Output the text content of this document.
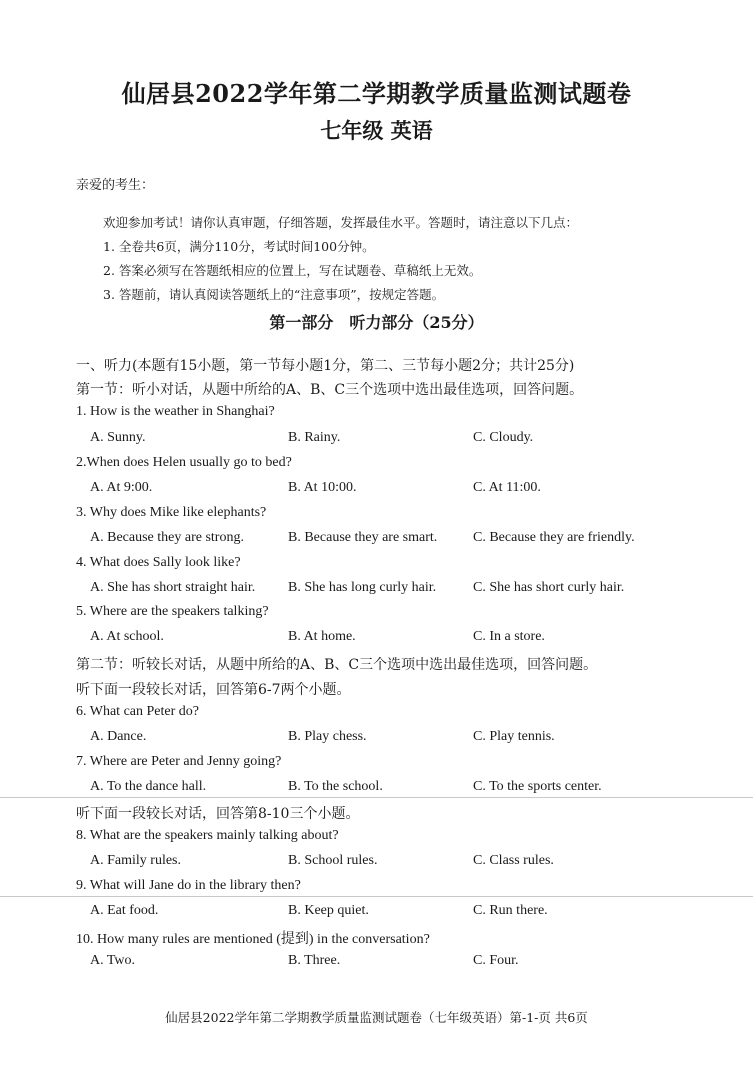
仙居县2022学年第二学期教学质量监测试题卷
七年级 英语
亲爱的考生：
欢迎参加考试！请你认真审题，仔细答题，发挥最佳水平。答题时，请注意以下几点：
1. 全卷共6页，满分110分，考试时间100分钟。
2. 答案必须写在答题纸相应的位置上，写在试题卷、草稿纸上无效。
3. 答题前，请认真阅读答题纸上的“注意事项”，按规定答题。
第一部分　听力部分（25分）
一、听力(本题有15小题，第一节每小题1分，第二、三节每小题2分；共计25分)
第一节：听小对话，从题中所给的A、B、C三个选项中选出最佳选项，回答问题。
1. How is the weather in Shanghai?
A. Sunny.	B. Rainy.	C. Cloudy.
2.When does Helen usually go to bed?
A. At 9:00.	B. At 10:00.	C. At 11:00.
3. Why does Mike like elephants?
A. Because they are strong.	B. Because they are smart.	C. Because they are friendly.
4. What does Sally look like?
A. She has short straight hair. B. She has long curly hair.	C. She has short curly hair.
5. Where are the speakers talking?
A. At school.	B. At home.	C. In a store.
第二节：听较长对话，从题中所给的A、B、C三个选项中选出最佳选项，回答问题。
听下面一段较长对话，回答第6-7两个小题。
6. What can Peter do?
A. Dance.	B. Play chess.	C. Play tennis.
7. Where are Peter and Jenny going?
A. To the dance hall.	B. To the school.	C. To the sports center.
听下面一段较长对话，回答第8-10三个小题。
8. What are the speakers mainly talking about?
A. Family rules.	B. School rules.	C. Class rules.
9. What will Jane do in the library then?
A. Eat food.	B. Keep quiet.	C. Run there.
10. How many rules are mentioned (提到) in the conversation?
A. Two.	B. Three.	C. Four.
仙居县2022学年第二学期教学质量监测试题卷（七年级英语）第-1-页 共6页
